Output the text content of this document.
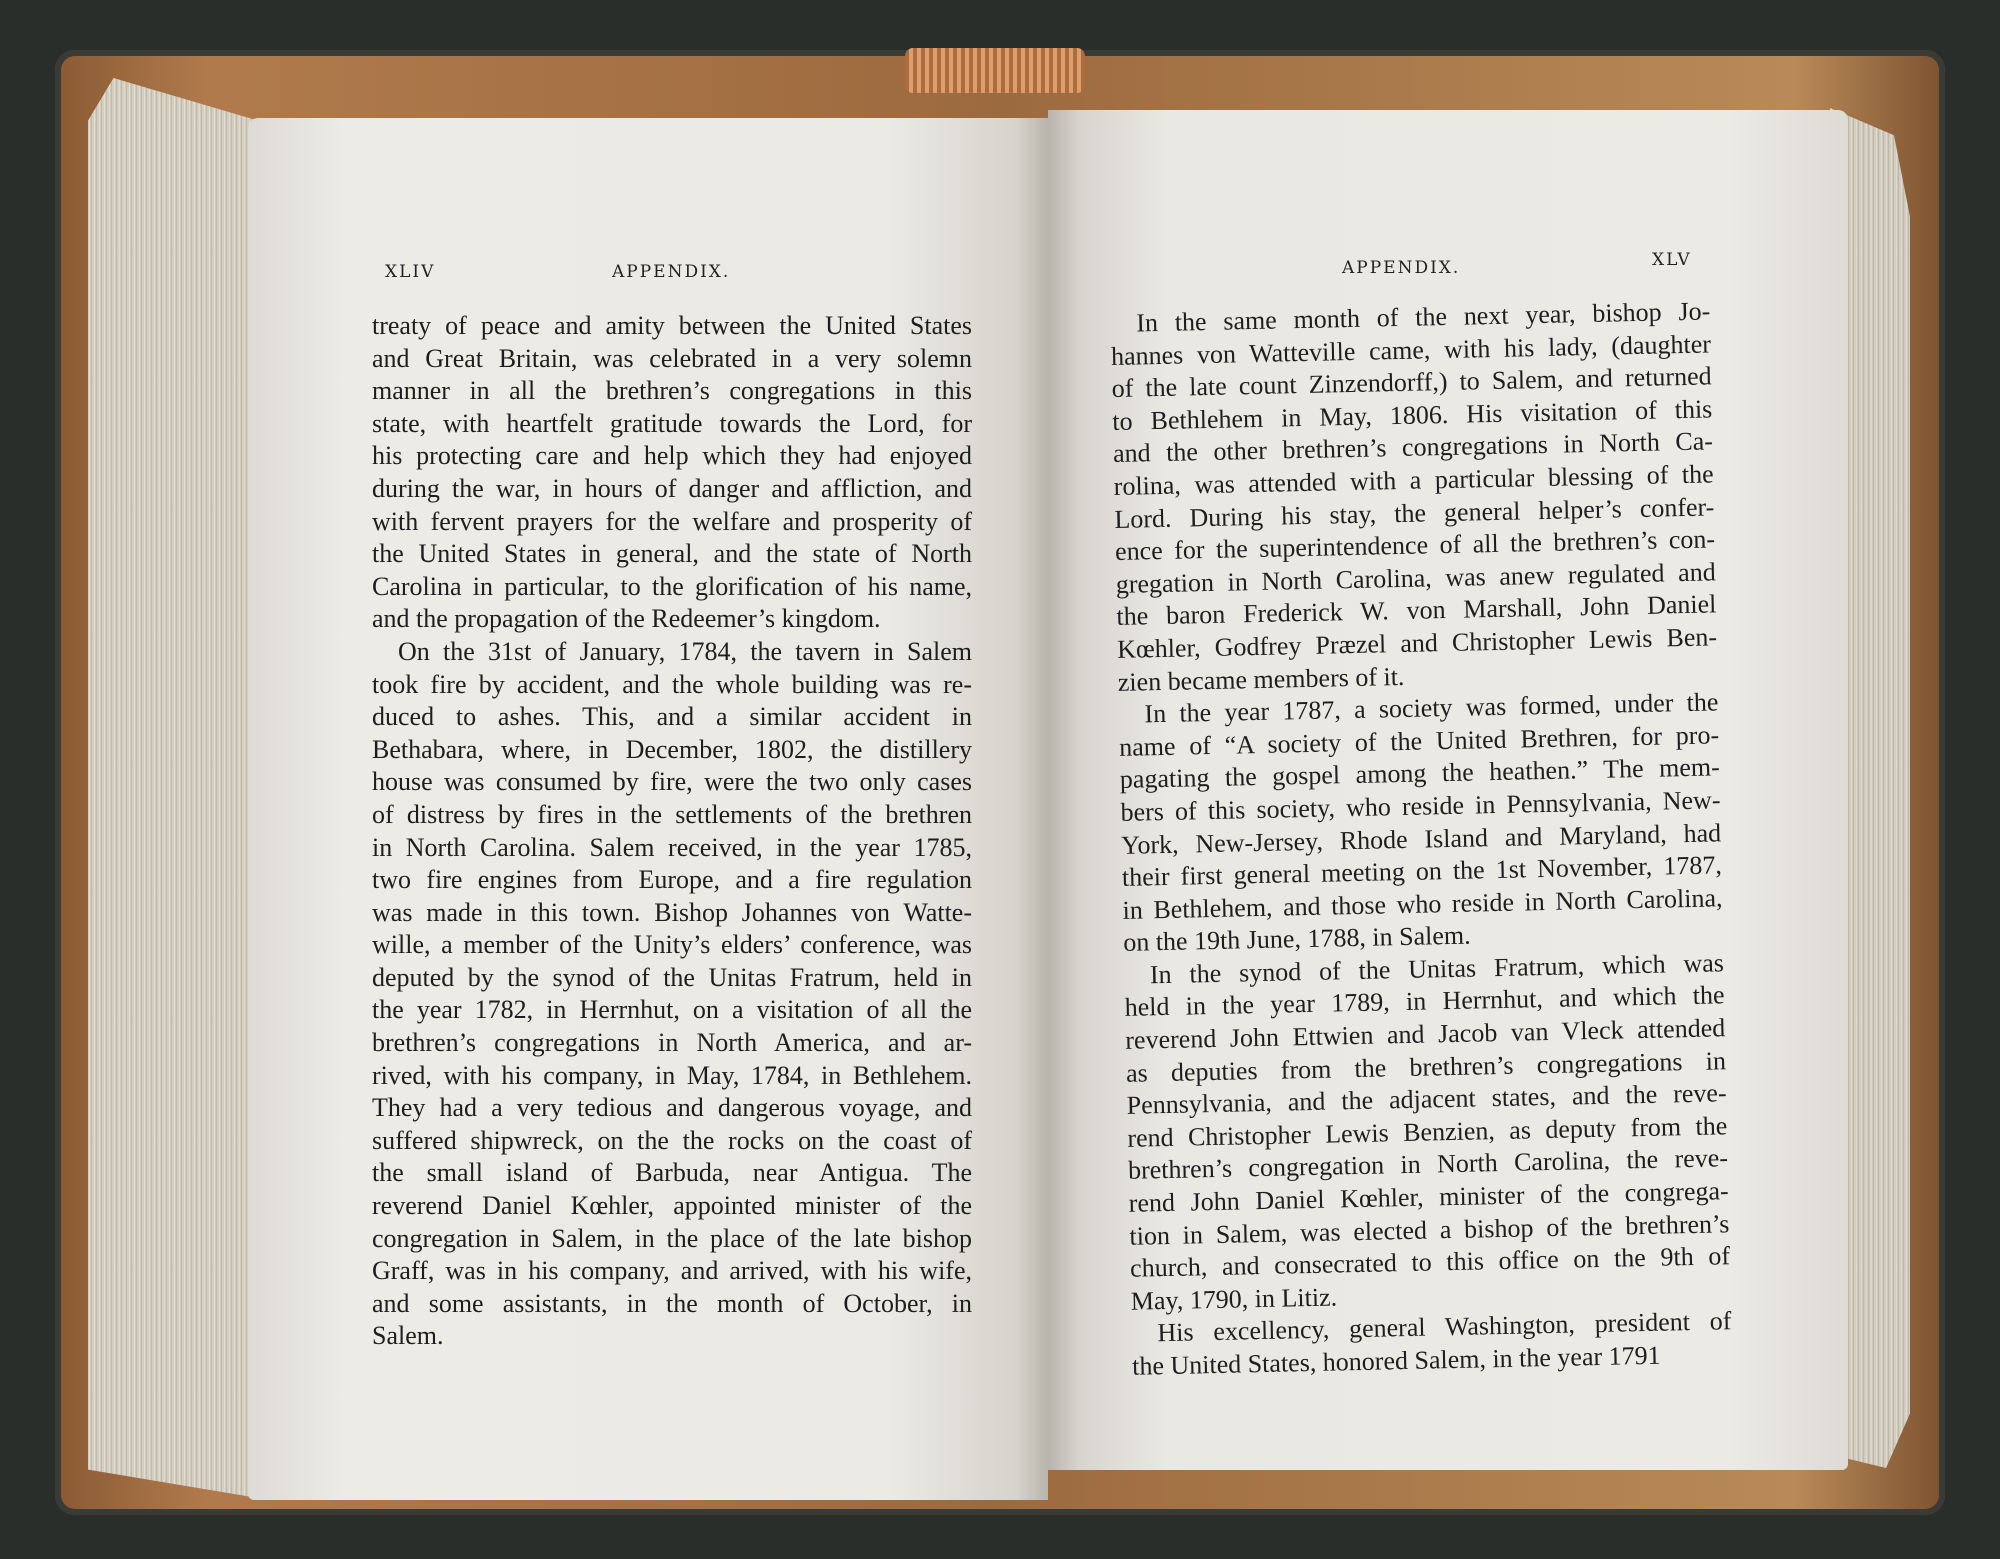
XLIV	APPENDIX.	APPENDIX.	XLV
treaty of peace and amity between the United States
and Great Britain, was celebrated in a very solemn
manner in all the brethren’s congregations in this
state, with heartfelt gratitude towards the Lord, for
his protecting care and help which they had enjoyed
during the war, in hours of danger and affliction, and
with fervent prayers for the welfare and prosperity of
the United States in general, and the state of North
Carolina in particular, to the glorification of his name,
and the propagation of the Redeemer’s kingdom.
On the 31st of January, 1784, the tavern in Salem
took fire by accident, and the whole building was re-
duced to ashes. This, and a similar accident in
Bethabara, where, in December, 1802, the distillery
house was consumed by fire, were the two only cases
of distress by fires in the settlements of the brethren
in North Carolina. Salem received, in the year 1785,
two fire engines from Europe, and a fire regulation
was made in this town. Bishop Johannes von Watte-
wille, a member of the Unity’s elders’ conference, was
deputed by the synod of the Unitas Fratrum, held in
the year 1782, in Herrnhut, on a visitation of all the
brethren’s congregations in North America, and ar-
rived, with his company, in May, 1784, in Bethlehem.
They had a very tedious and dangerous voyage, and
suffered shipwreck, on the the rocks on the coast of
the small island of Barbuda, near Antigua. The
reverend Daniel Kœhler, appointed minister of the
congregation in Salem, in the place of the late bishop
Graff, was in his company, and arrived, with his wife,
and some assistants, in the month of October, in
Salem.
In the same month of the next year, bishop Jo-
hannes von Watteville came, with his lady, (daughter
of the late count Zinzendorff,) to Salem, and returned
to Bethlehem in May, 1806. His visitation of this
and the other brethren’s congregations in North Ca-
rolina, was attended with a particular blessing of the
Lord. During his stay, the general helper’s confer-
ence for the superintendence of all the brethren’s con-
gregation in North Carolina, was anew regulated and
the baron Frederick W. von Marshall, John Daniel
Kœhler, Godfrey Præzel and Christopher Lewis Ben-
zien became members of it.
In the year 1787, a society was formed, under the
name of “A society of the United Brethren, for pro-
pagating the gospel among the heathen.” The mem-
bers of this society, who reside in Pennsylvania, New-
York, New-Jersey, Rhode Island and Maryland, had
their first general meeting on the 1st November, 1787,
in Bethlehem, and those who reside in North Carolina,
on the 19th June, 1788, in Salem.
In the synod of the Unitas Fratrum, which was
held in the year 1789, in Herrnhut, and which the
reverend John Ettwien and Jacob van Vleck attended
as deputies from the brethren’s congregations in
Pennsylvania, and the adjacent states, and the reve-
rend Christopher Lewis Benzien, as deputy from the
brethren’s congregation in North Carolina, the reve-
rend John Daniel Kœhler, minister of the congrega-
tion in Salem, was elected a bishop of the brethren’s
church, and consecrated to this office on the 9th of
May, 1790, in Litiz.
His excellency, general Washington, president of
the United States, honored Salem, in the year 1791
